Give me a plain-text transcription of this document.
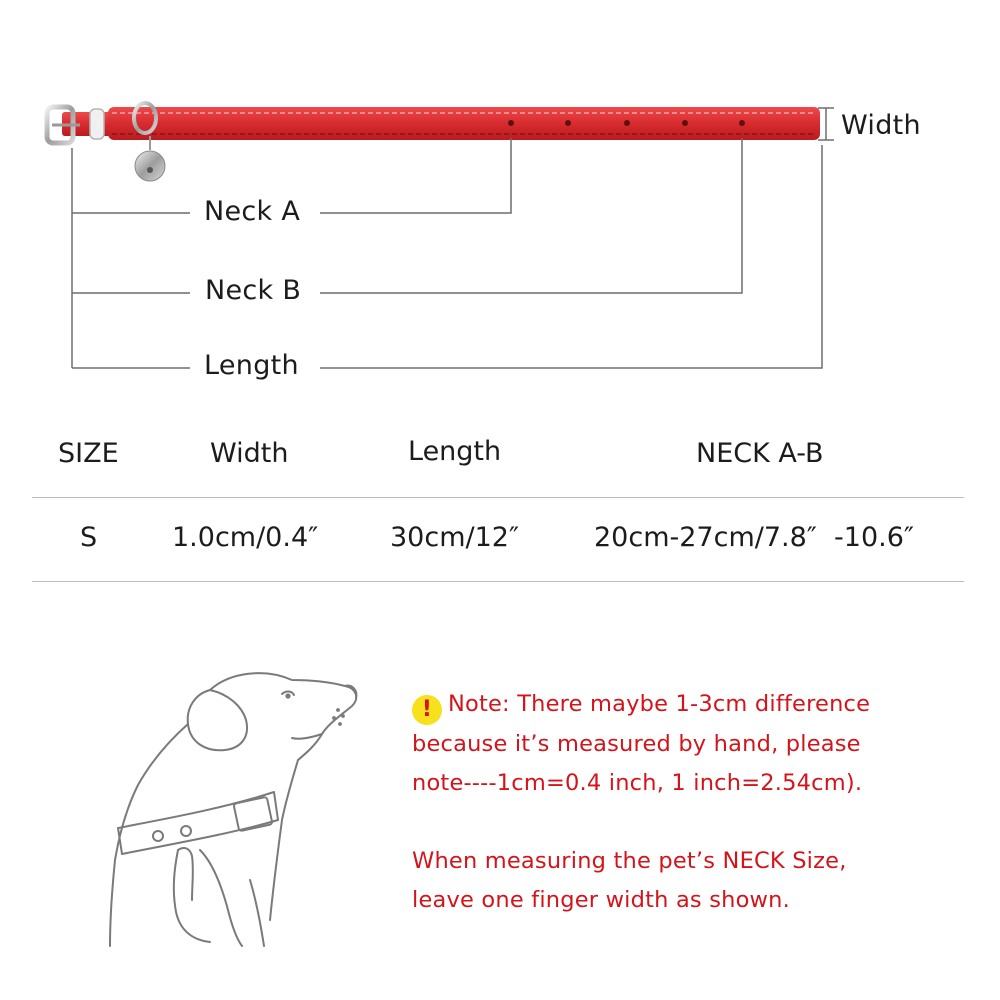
Width
Neck A
Neck B
Length
SIZE	Width	Length	NECK A-B
S	1.0cm/0.4″	30cm/12″	20cm-27cm/7.8″  -10.6″
! Note: There maybe 1-3cm difference
because it’s measured by hand, please
note----1cm=0.4 inch, 1 inch=2.54cm).
When measuring the pet’s NECK Size,
leave one finger width as shown.
